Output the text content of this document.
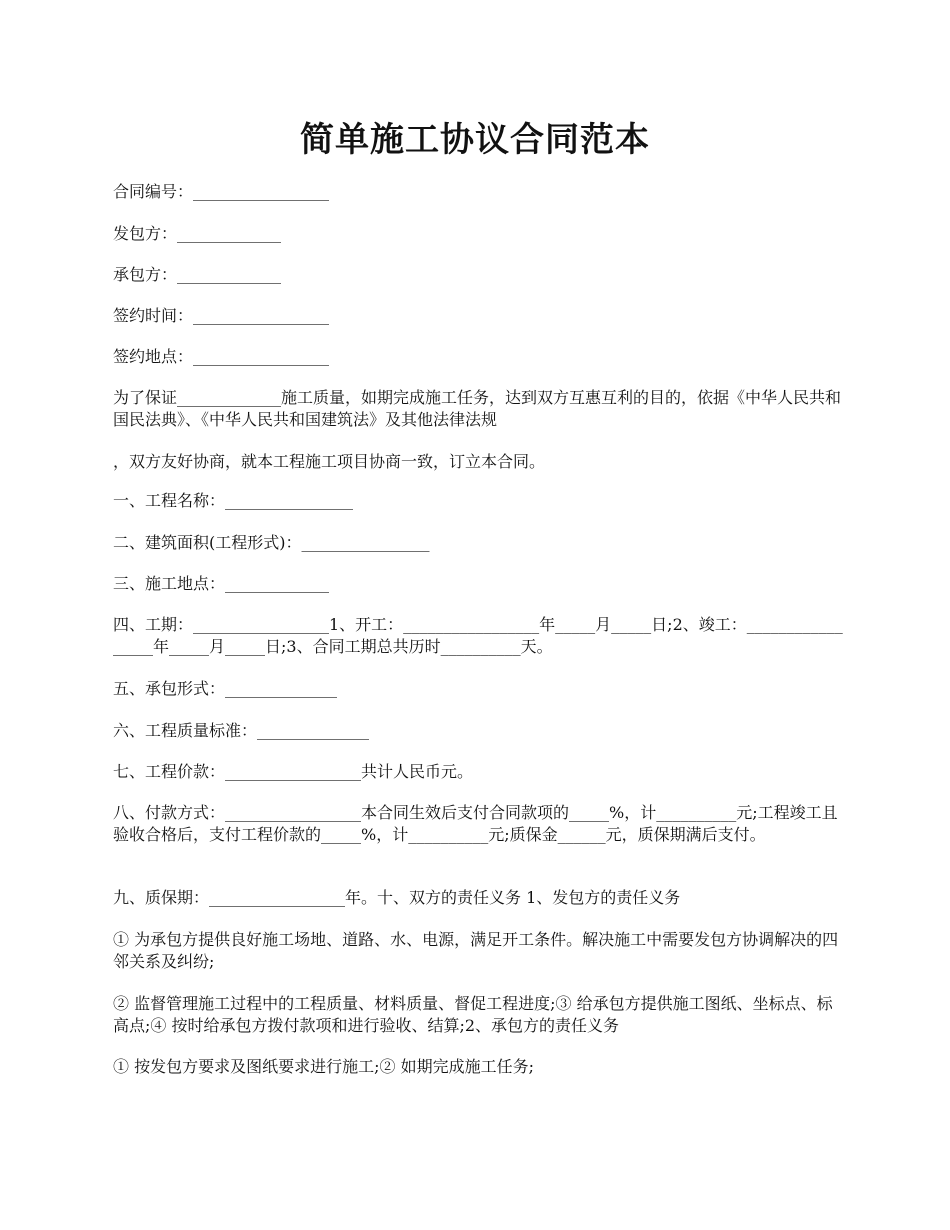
简单施工协议合同范本
合同编号：_________________
发包方：_____________
承包方：_____________
签约时间：_________________
签约地点：_________________
为了保证_____________施工质量，如期完成施工任务，达到双方互惠互利的目的，依据《中华人民共和国民法典》、《中华人民共和国建筑法》及其他法律法规
，双方友好协商，就本工程施工项目协商一致，订立本合同。
一、工程名称：________________
二、建筑面积(工程形式)：________________
三、施工地点：_____________
四、工期：_________________1、开工：_________________年_____月_____日;2、竣工：_________________年_____月_____日;3、合同工期总共历时__________天。
五、承包形式：______________
六、工程质量标准：______________
七、工程价款：_________________共计人民币元。
八、付款方式：_________________本合同生效后支付合同款项的_____%，计__________元;工程竣工且验收合格后，支付工程价款的_____%，计__________元;质保金______元，质保期满后支付。
九、质保期：_________________年。十、双方的责任义务 1、发包方的责任义务
① 为承包方提供良好施工场地、道路、水、电源，满足开工条件。解决施工中需要发包方协调解决的四邻关系及纠纷;
② 监督管理施工过程中的工程质量、材料质量、督促工程进度;③ 给承包方提供施工图纸、坐标点、标高点;④ 按时给承包方拨付款项和进行验收、结算;2、承包方的责任义务
① 按发包方要求及图纸要求进行施工;② 如期完成施工任务;
